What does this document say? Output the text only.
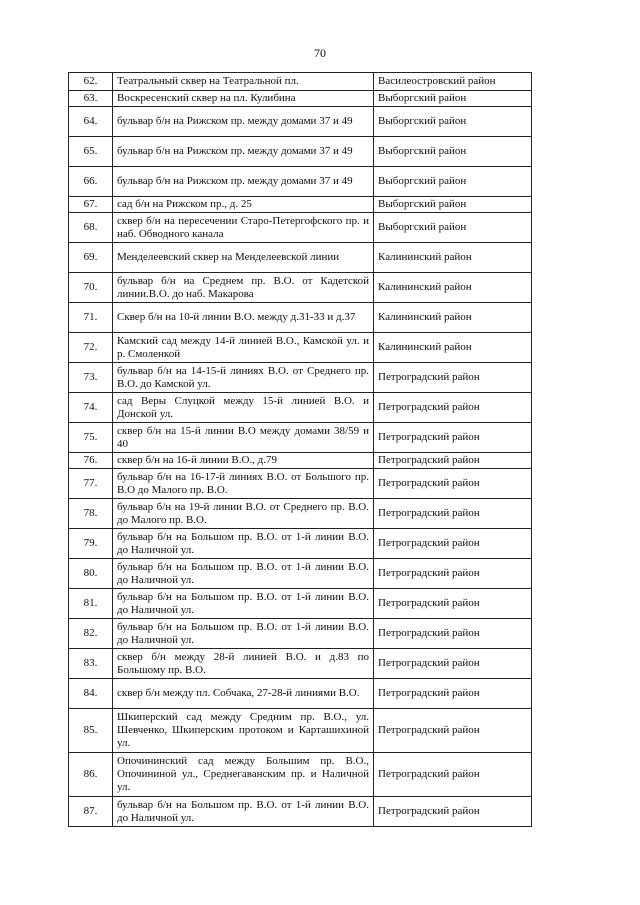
70
62.	Театральный сквер на Театральной пл.	Василеостровский район
63.	Воскресенский сквер на пл. Кулибина	Выборгский район
64.	бульвар б/н на Рижском пр. между домами 37 и 49	Выборгский район
65.	бульвар б/н на Рижском пр. между домами 37 и 49	Выборгский район
66.	бульвар б/н на Рижском пр. между домами 37 и 49	Выборгский район
67.	сад б/н на Рижском пр., д. 25	Выборгский район
68.	сквер б/н на пересечении Старо-Петергофского пр. и наб. Обводного канала	Выборгский район
69.	Менделеевский сквер на Менделеевской линии	Калининский район
70.	бульвар б/н на Среднем пр. В.О. от Кадетской линии.В.О. до наб. Макарова	Калининский район
71.	Сквер б/н на 10-й линии В.О. между д.31-33 и д.37	Калининский район
72.	Камский сад между 14-й линией В.О., Камской ул. и р. Смоленкой	Калининский район
73.	бульвар б/н на 14-15-й линиях В.О. от Среднего пр. В.О. до Камской ул.	Петроградский район
74.	сад Веры Слуцкой между 15-й линией В.О. и Донской ул.	Петроградский район
75.	сквер б/н на 15-й линии В.О между домами 38/59 и 40	Петроградский район
76.	сквер б/н на 16-й линии В.О., д.79	Петроградский район
77.	бульвар б/н на 16-17-й линиях В.О. от Большого пр. В.О до Малого пр. В.О.	Петроградский район
78.	бульвар б/н на 19-й линии В.О. от Среднего пр. В.О. до Малого пр. В.О.	Петроградский район
79.	бульвар б/н на Большом пр. В.О. от 1-й линии В.О. до Наличной ул.	Петроградский район
80.	бульвар б/н на Большом пр. В.О. от 1-й линии В.О. до Наличной ул.	Петроградский район
81.	бульвар б/н на Большом пр. В.О. от 1-й линии В.О. до Наличной ул.	Петроградский район
82.	бульвар б/н на Большом пр. В.О. от 1-й линии В.О. до Наличной ул.	Петроградский район
83.	сквер б/н между 28-й линией В.О. и д.83 по Большому пр. В.О.	Петроградский район
84.	сквер б/н между пл. Собчака, 27-28-й линиями В.О.	Петроградский район
85.	Шкиперский сад между Средним пр. В.О., ул. Шевченко, Шкиперским протоком и Карташихиной ул.	Петроградский район
86.	Опочининский сад между Большим пр. В.О., Опочининой ул., Среднегаванским пр. и Наличной ул.	Петроградский район
87.	бульвар б/н на Большом пр. В.О. от 1-й линии В.О. до Наличной ул.	Петроградский район
